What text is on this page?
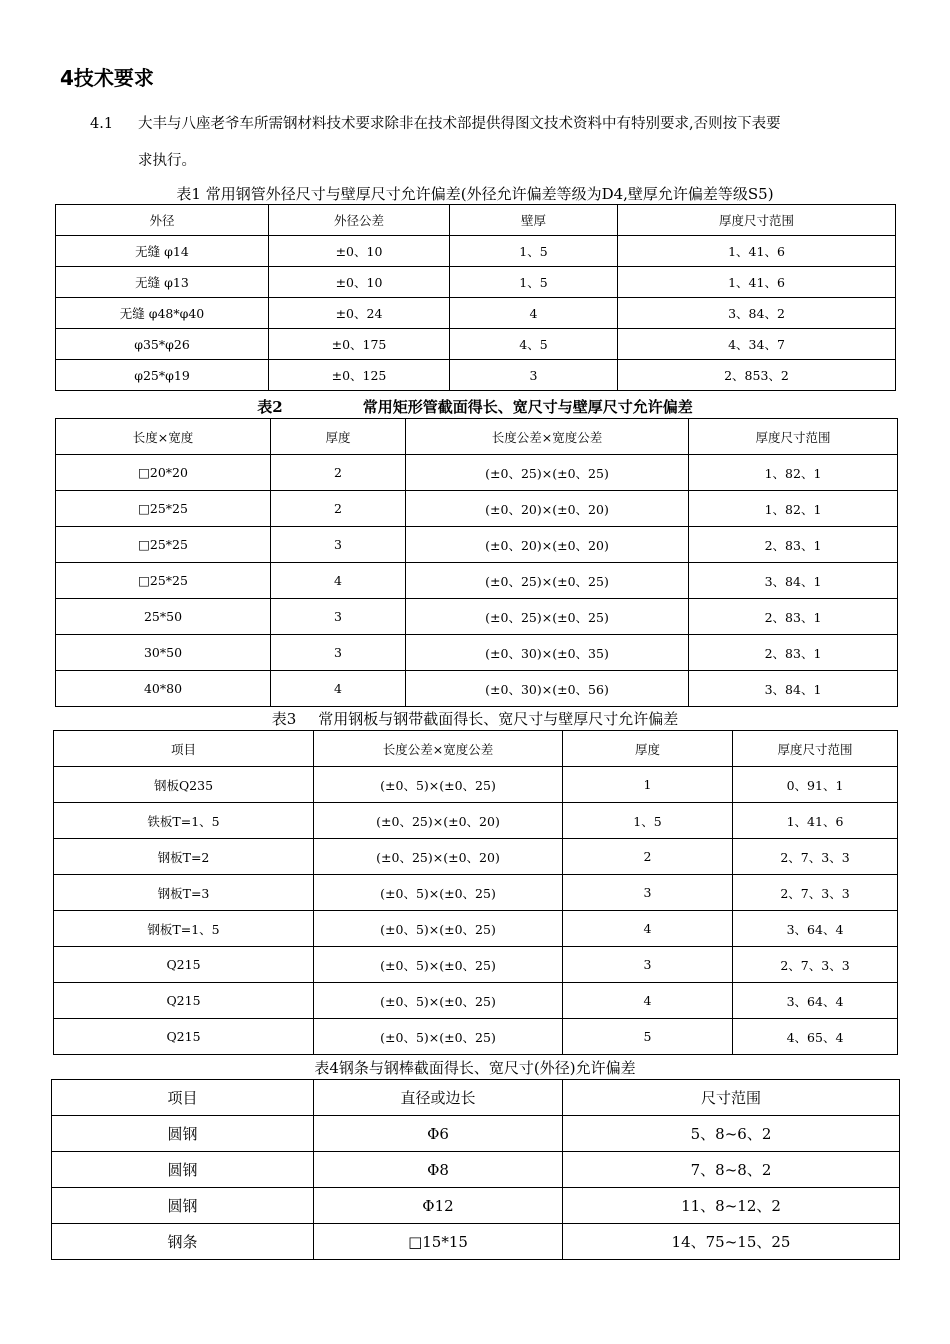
4技术要求
4.1 大丰与八座老爷车所需钢材料技术要求除非在技术部提供得图文技术资料中有特别要求,否则按下表要
求执行。
表1 常用钢管外径尺寸与壁厚尺寸允许偏差(外径允许偏差等级为D4,壁厚允许偏差等级S5)
外径	外径公差	壁厚	厚度尺寸范围
无缝 φ14	±0、10	1、5	1、41、6
无缝 φ13	±0、10	1、5	1、41、6
无缝 φ48*φ40	±0、24	4	3、84、2
φ35*φ26	±0、175	4、5	4、34、7
φ25*φ19	±0、125	3	2、853、2
表2	常用矩形管截面得长、宽尺寸与壁厚尺寸允许偏差
长度×宽度	厚度	长度公差×宽度公差	厚度尺寸范围
□20*20	2	(±0、25)×(±0、25)	1、82、1
□25*25	2	(±0、20)×(±0、20)	1、82、1
□25*25	3	(±0、20)×(±0、20)	2、83、1
□25*25	4	(±0、25)×(±0、25)	3、84、1
25*50	3	(±0、25)×(±0、25)	2、83、1
30*50	3	(±0、30)×(±0、35)	2、83、1
40*80	4	(±0、30)×(±0、56)	3、84、1
表3 常用钢板与钢带截面得长、宽尺寸与壁厚尺寸允许偏差
项目	长度公差×宽度公差	厚度	厚度尺寸范围
钢板Q235	(±0、5)×(±0、25)	1	0、91、1
铁板T=1、5	(±0、25)×(±0、20)	1、5	1、41、6
钢板T=2	(±0、25)×(±0、20)	2	2、7、3、3
钢板T=3	(±0、5)×(±0、25)	3	2、7、3、3
钢板T=1、5	(±0、5)×(±0、25)	4	3、64、4
Q215	(±0、5)×(±0、25)	3	2、7、3、3
Q215	(±0、5)×(±0、25)	4	3、64、4
Q215	(±0、5)×(±0、25)	5	4、65、4
表4钢条与钢棒截面得长、宽尺寸(外径)允许偏差
项目	直径或边长	尺寸范围
圆钢	Φ6	5、8~6、2
圆钢	Φ8	7、8~8、2
圆钢	Φ12	11、8~12、2
钢条	□15*15	14、75~15、25
